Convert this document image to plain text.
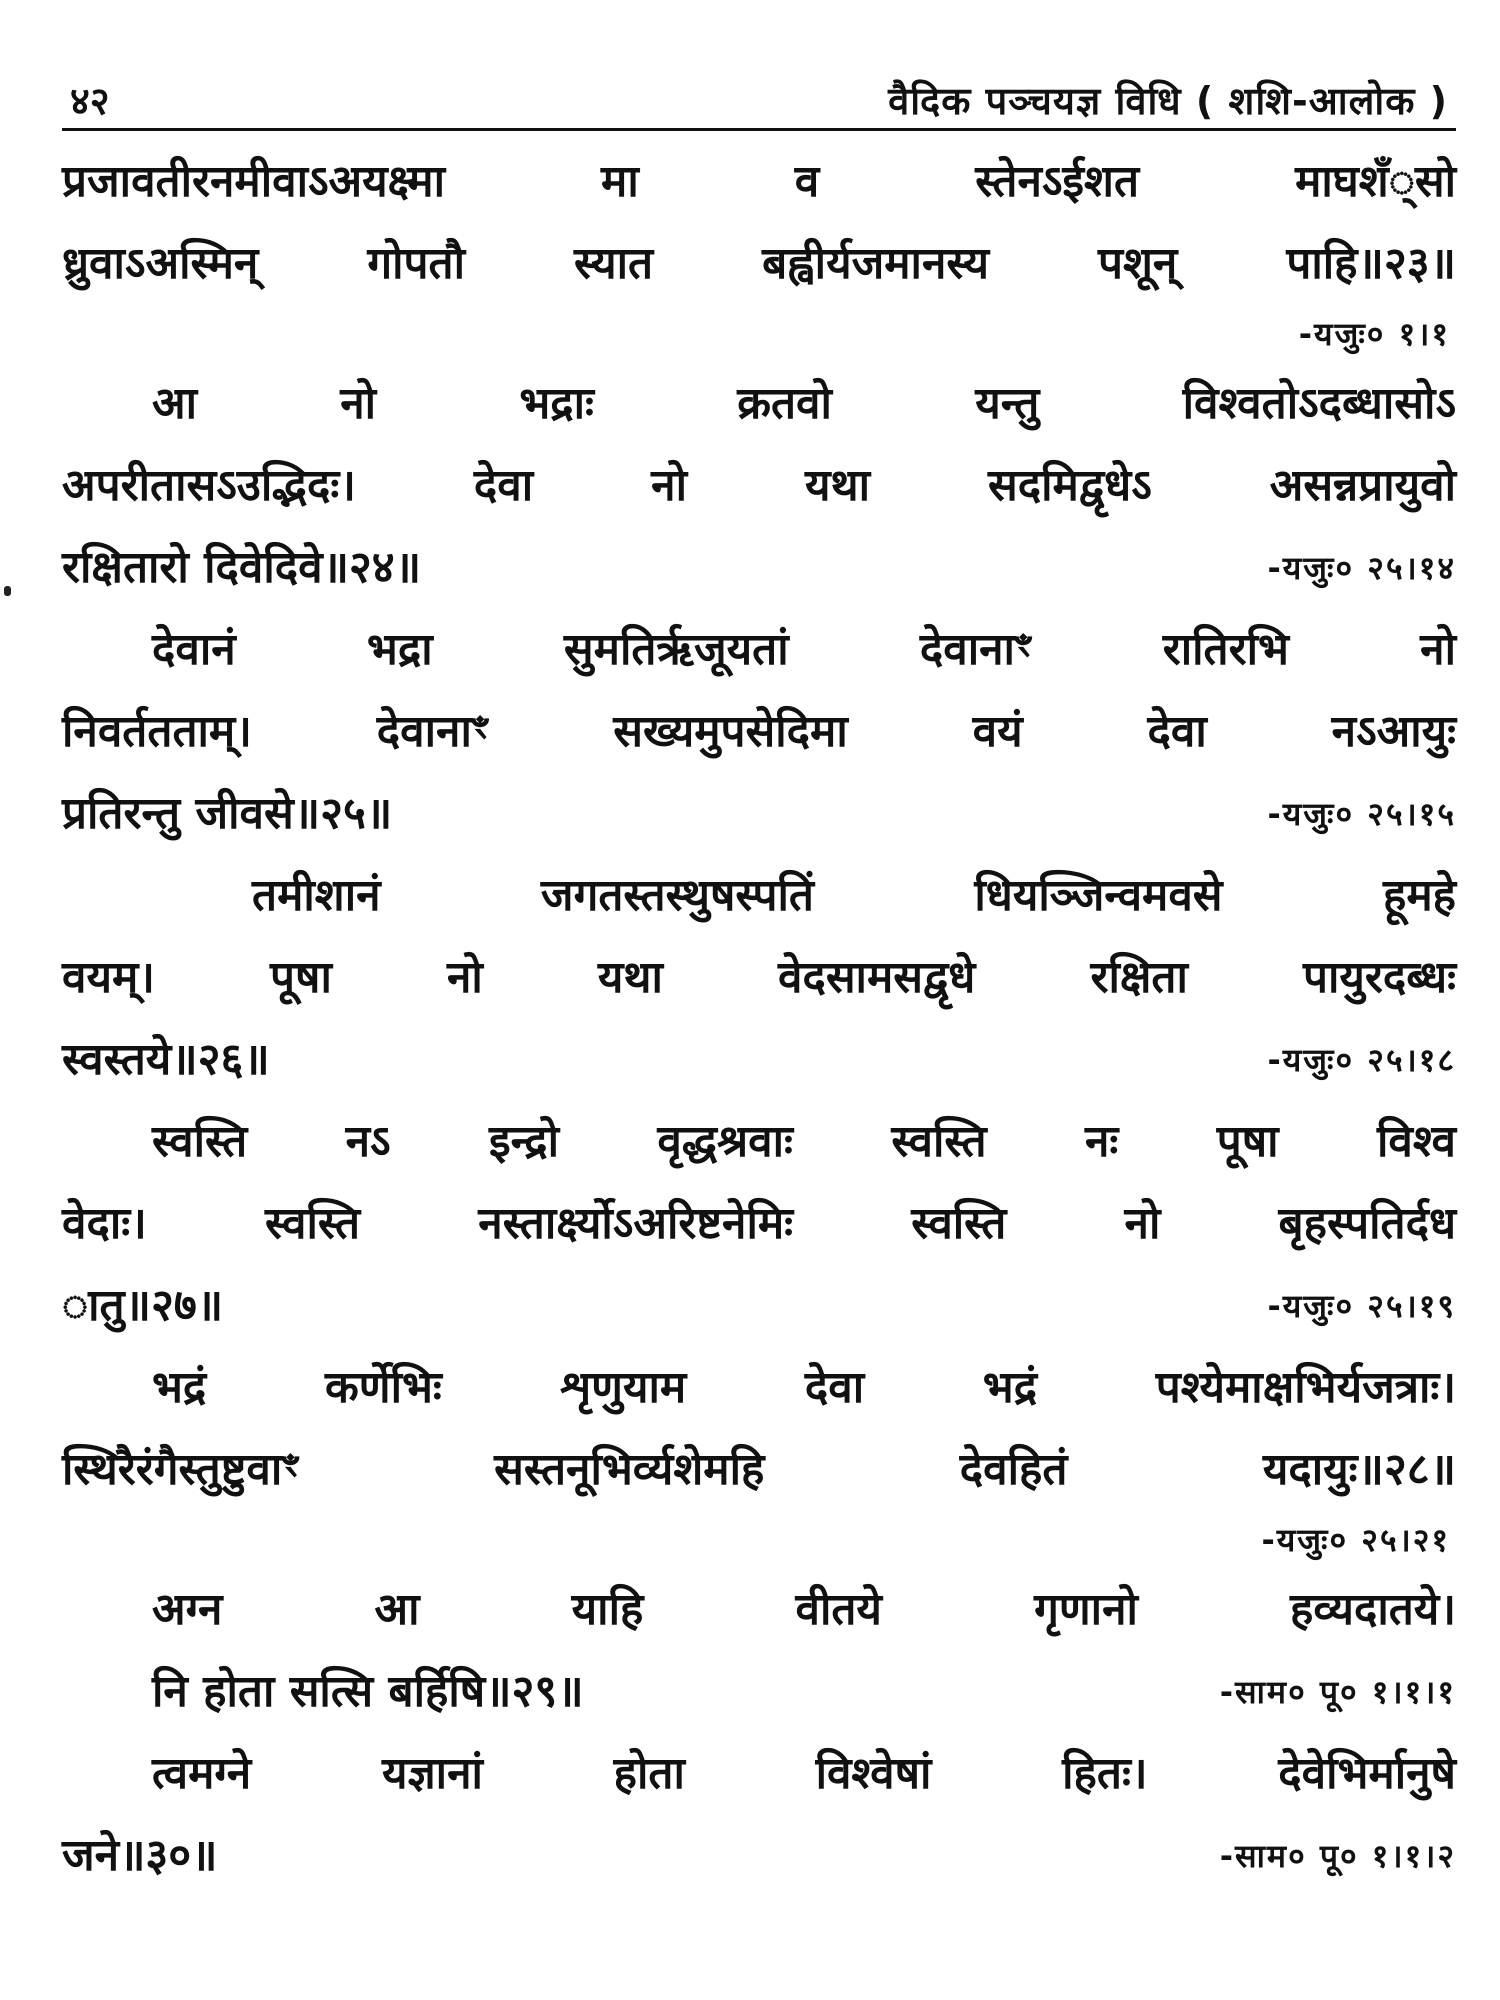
४२	वैदिक पञ्चयज्ञ विधि ( शशि-आलोक )
प्रजावतीरनमीवाऽअयक्ष्मा मा व स्तेनऽईशत माघशँ्सो
ध्रुवाऽअस्मिन् गोपतौ स्यात बह्वीर्यजमानस्य पशून् पाहि॥२३॥
-यजुः० १।१
आ नो भद्राः क्रतवो यन्तु विश्वतोऽदब्धासोऽ
अपरीतासऽउद्भिदः। देवा नो यथा सदमिद्वृधेऽ असन्नप्रायुवो
रक्षितारो दिवेदिवे॥२४॥	-यजुः० २५।१४
देवानं भद्रा सुमतिर्ऋजूयतां देवानाꣳ रातिरभि नो
निवर्ततताम्। देवानाꣳ सख्यमुपसेदिमा वयं देवा नऽआयुः
प्रतिरन्तु जीवसे॥२५॥	-यजुः० २५।१५
तमीशानं जगतस्तस्थुषस्पतिं धियञ्जिन्वमवसे हूमहे
वयम्। पूषा नो यथा वेदसामसद्वृधे रक्षिता पायुरदब्धः
स्वस्तये॥२६॥	-यजुः० २५।१८
स्वस्ति नऽ इन्द्रो वृद्धश्रवाः स्वस्ति नः पूषा विश्व
वेदाः। स्वस्ति नस्तार्क्ष्योऽअरिष्टनेमिः स्वस्ति नो बृहस्पतिर्दध
ातु॥२७॥	-यजुः० २५।१९
भद्रं कर्णेभिः शृणुयाम देवा भद्रं पश्येमाक्षभिर्यजत्राः।
स्थिरैरंगैस्तुष्टुवाꣳ सस्तनूभिर्व्यशेमहि देवहितं यदायुः॥२८॥
-यजुः० २५।२१
अग्न आ याहि वीतये गृणानो हव्यदातये।
नि होता सत्सि बर्हिषि॥२९॥	-साम० पू० १।१।१
त्वमग्ने यज्ञानां होता विश्वेषां हितः। देवेभिर्मानुषे
जने॥३०॥	-साम० पू० १।१।२
